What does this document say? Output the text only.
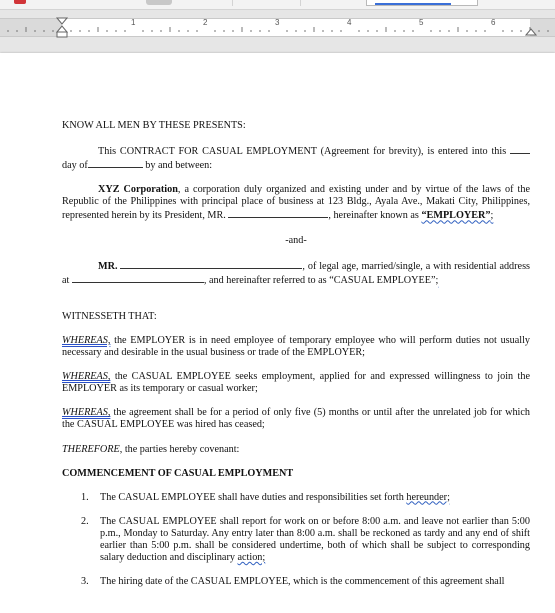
1	2	3	4	5	6

KNOW ALL MEN BY THESE PRESENTS:

This CONTRACT FOR CASUAL EMPLOYMENT (Agreement for brevity), is entered into this  day of	by and between:

XYZ Corporation, a corporation duly organized and existing under and by virtue of the laws of the Republic of the Philippines with principal place of business at 123 Bldg., Ayala Ave., Makati City, Philippines, represented herein by its President, MR.	, hereinafter known as “EMPLOYER”;

-and-

MR.	, of legal age, married/single, a with residential address at	, and hereinafter referred to as “CASUAL EMPLOYEE”;

WITNESSETH THAT:

WHEREAS, the EMPLOYER is in need employee of temporary employee who will perform duties not usually necessary and desirable in the usual business or trade of the EMPLOYER;

WHEREAS, the CASUAL EMPLOYEE seeks employment, applied for and expressed willingness to join the EMPLOYER as its temporary or casual worker;

WHEREAS, the agreement shall be for a period of only five (5) months or until after the unrelated job for which the CASUAL EMPLOYEE was hired has ceased;

THEREFORE, the parties hereby covenant:

COMMENCEMENT OF CASUAL EMPLOYMENT

1. The CASUAL EMPLOYEE shall have duties and responsibilities set forth hereunder;
2. The CASUAL EMPLOYEE shall report for work on or before 8:00 a.m. and leave not earlier than 5:00 p.m., Monday to Saturday. Any entry later than 8:00 a.m. shall be reckoned as tardy and any end of shift earlier than 5:00 p.m. shall be considered undertime, both of which shall be subject to corresponding salary deduction and disciplinary action;
3. The hiring date of the CASUAL EMPLOYEE, which is the commencement of this agreement shall
